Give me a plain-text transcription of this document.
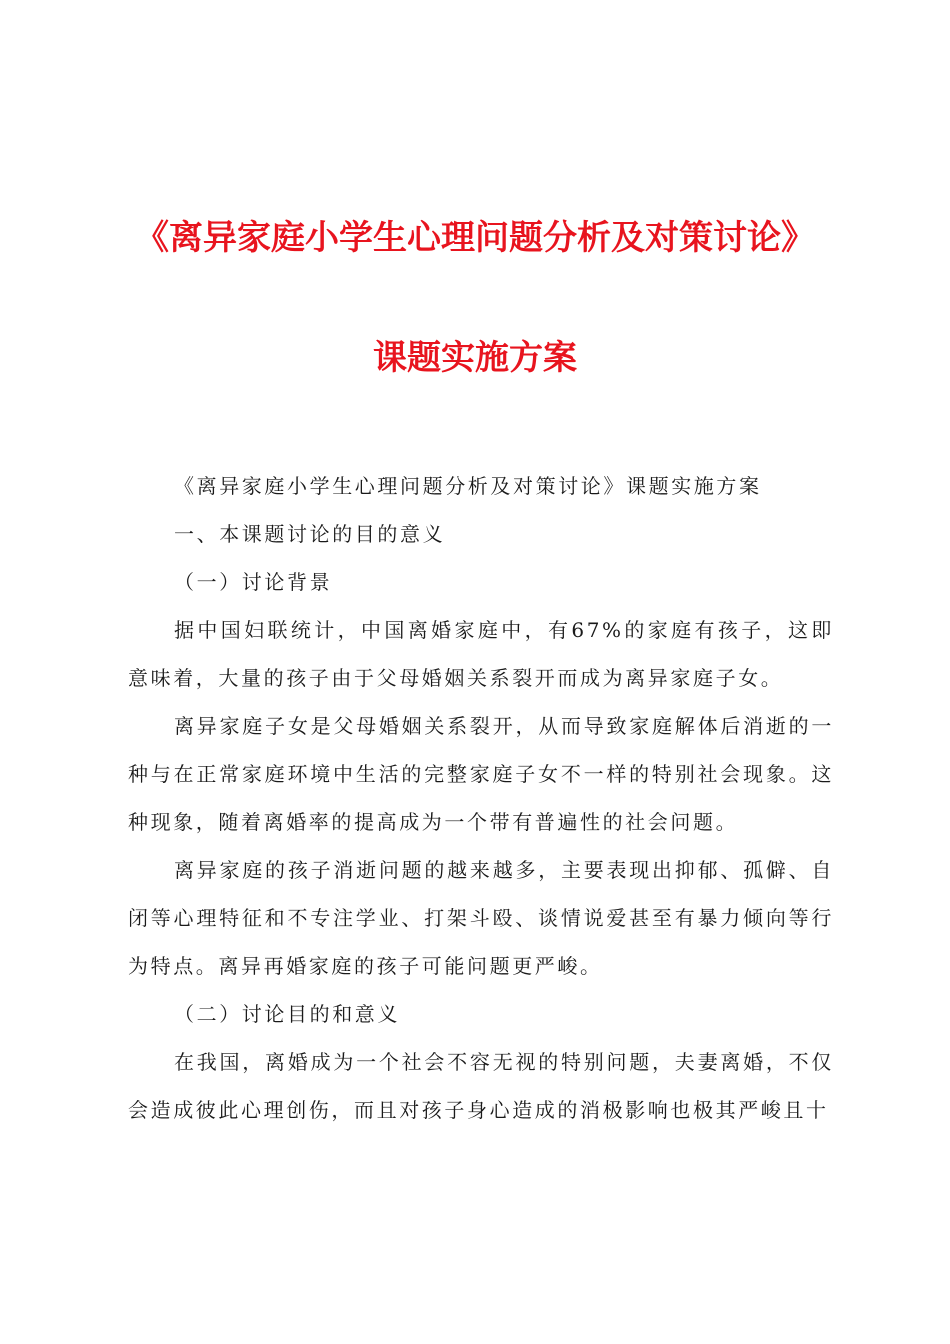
《离异家庭小学生心理问题分析及对策讨论》
课题实施方案

《离异家庭小学生心理问题分析及对策讨论》课题实施方案

一、本课题讨论的目的意义

（一）讨论背景

据中国妇联统计，中国离婚家庭中，有67%的家庭有孩子，这即意味着，大量的孩子由于父母婚姻关系裂开而成为离异家庭子女。

离异家庭子女是父母婚姻关系裂开，从而导致家庭解体后消逝的一种与在正常家庭环境中生活的完整家庭子女不一样的特别社会现象。这种现象，随着离婚率的提高成为一个带有普遍性的社会问题。

离异家庭的孩子消逝问题的越来越多，主要表现出抑郁、孤僻、自闭等心理特征和不专注学业、打架斗殴、谈情说爱甚至有暴力倾向等行为特点。离异再婚家庭的孩子可能问题更严峻。

（二）讨论目的和意义

在我国，离婚成为一个社会不容无视的特别问题，夫妻离婚，不仅会造成彼此心理创伤，而且对孩子身心造成的消极影响也极其严峻且十
